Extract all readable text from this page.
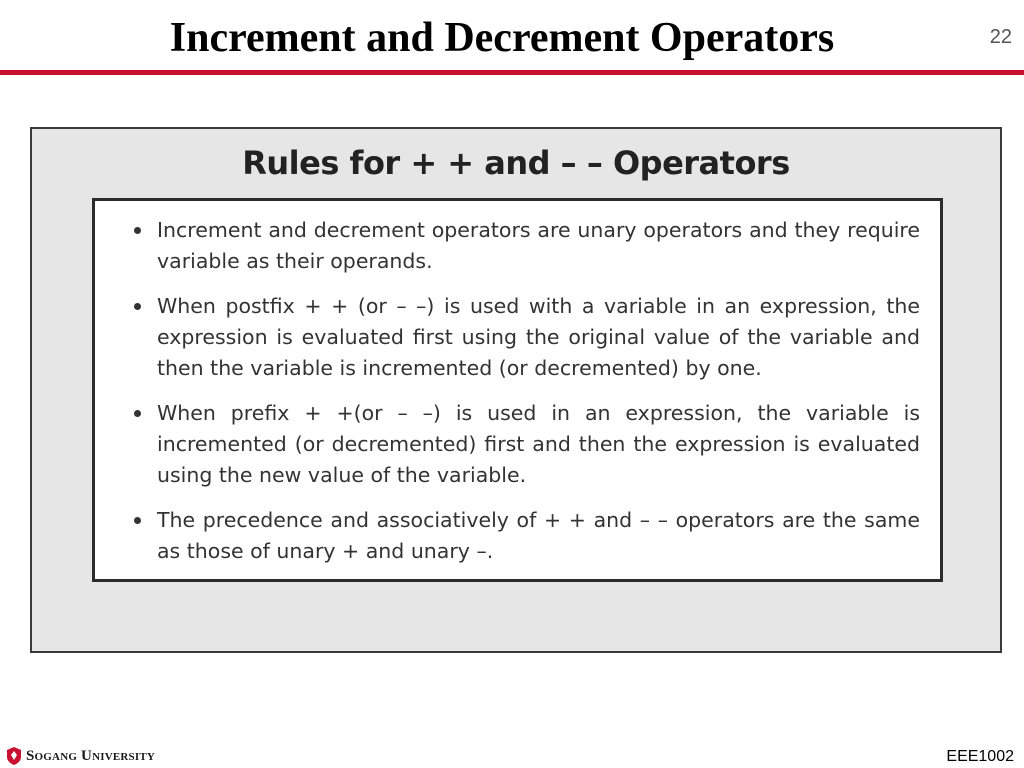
Increment and Decrement Operators	22
Rules for + + and – – Operators
Increment and decrement operators are unary operators and they require variable as their operands.
When postfix + + (or – –) is used with a variable in an expression, the expression is evaluated first using the original value of the variable and then the variable is incremented (or decremented) by one.
When prefix + +(or – –) is used in an expression, the variable is incremented (or decremented) first and then the expression is evaluated using the new value of the variable.
The precedence and associatively of + + and – – operators are the same as those of unary + and unary –.
Sogang University	EEE1002
